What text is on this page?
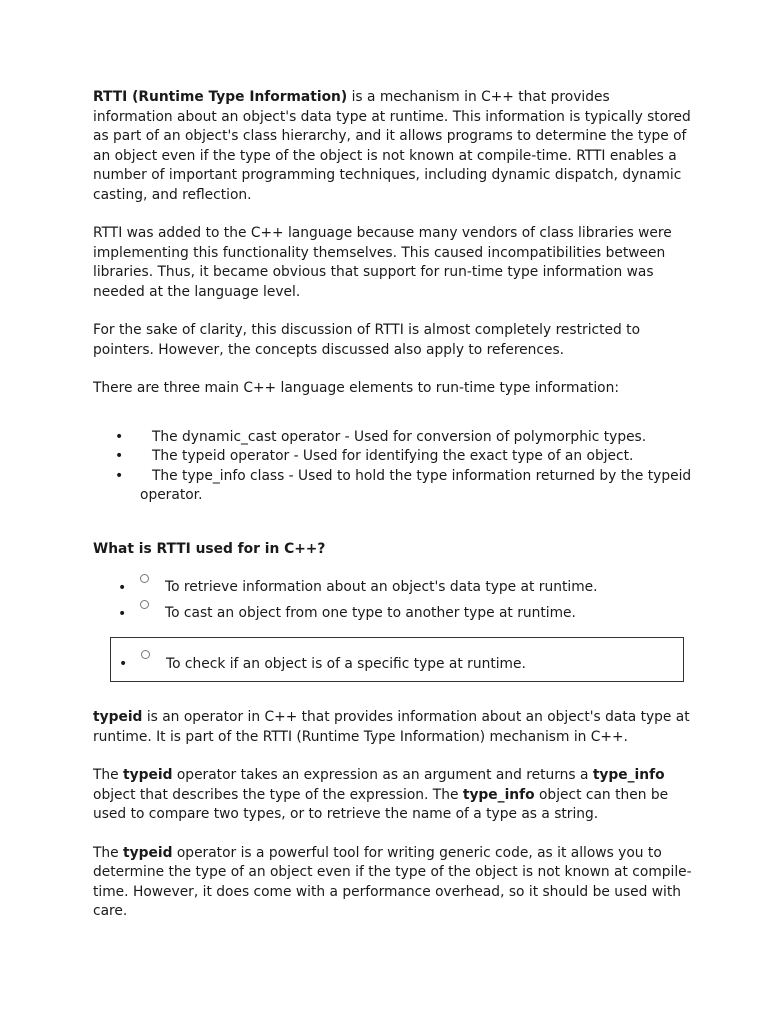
RTTI (Runtime Type Information) is a mechanism in C++ that provides information about an object's data type at runtime. This information is typically stored as part of an object's class hierarchy, and it allows programs to determine the type of an object even if the type of the object is not known at compile-time. RTTI enables a number of important programming techniques, including dynamic dispatch, dynamic casting, and reflection.

RTTI was added to the C++ language because many vendors of class libraries were implementing this functionality themselves. This caused incompatibilities between libraries. Thus, it became obvious that support for run-time type information was needed at the language level.

For the sake of clarity, this discussion of RTTI is almost completely restricted to pointers. However, the concepts discussed also apply to references.

There are three main C++ language elements to run-time type information:

• The dynamic_cast operator - Used for conversion of polymorphic types.
• The typeid operator - Used for identifying the exact type of an object.
• The type_info class - Used to hold the type information returned by the typeid operator.

What is RTTI used for in C++?

•	To retrieve information about an object's data type at runtime.
•	To cast an object from one type to another type at runtime.
•	To check if an object is of a specific type at runtime.

typeid is an operator in C++ that provides information about an object's data type at runtime. It is part of the RTTI (Runtime Type Information) mechanism in C++.

The typeid operator takes an expression as an argument and returns a type_info object that describes the type of the expression. The type_info object can then be used to compare two types, or to retrieve the name of a type as a string.

The typeid operator is a powerful tool for writing generic code, as it allows you to determine the type of an object even if the type of the object is not known at compile-time. However, it does come with a performance overhead, so it should be used with care.
